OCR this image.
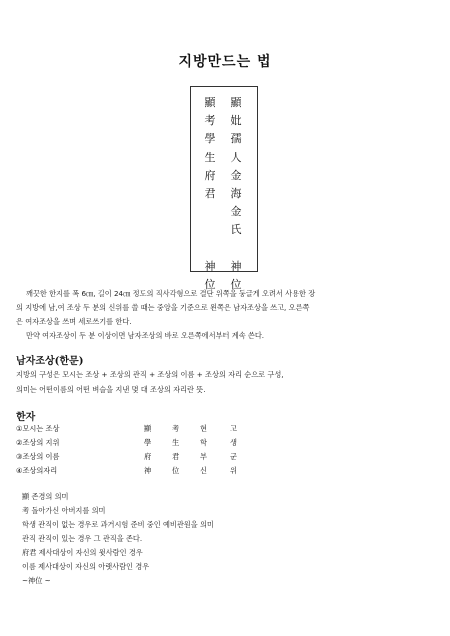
지방만드는 법
顯
考
學
生
府
君
神
位
顯
妣
孺
人
金
海
金
氏
神
位
깨끗한 한지를 폭 6㎝, 길이 24㎝ 정도의 직사각형으로 결단 위쪽을 둥글게 오려서 사용한 장
의 지방에 남,여 조상 두 분의 신위를 쓸 때는 중앙을 기준으로 왼쪽은 남자조상을 쓰고, 오른쪽
은 여자조상을 쓰며 세로쓰기를 한다.
만약 여자조상이 두 분 이상이면 남자조상의 바로 오른쪽에서부터 계속 쓴다.
남자조상(한문)
지방의 구성은 모시는 조상 + 조상의 관직 + 조상의 이름 + 조상의 자리 순으로 구성,
의미는 어떤이름의 어떤 벼슬을 지낸 몇 대 조상의 자리란 뜻.
한자
①모시는 조상	顯	考	현	고
②조상의 지위	學	生	학	생
③조상의 이름	府	君	부	군
④조상의자리	神	位	신	위
顯 존경의 의미
考 돌아가신 아버지를 의미
학생 관직이 없는 경우로 과거시험 준비 중인 예비관원을 의미
관직 관직이 있는 경우 그 관직을 존다.
府君 제사대상이 자신의 윗사람인 경우
이름 제사대상이 자신의 아랫사람인 경우
~神位 ~
